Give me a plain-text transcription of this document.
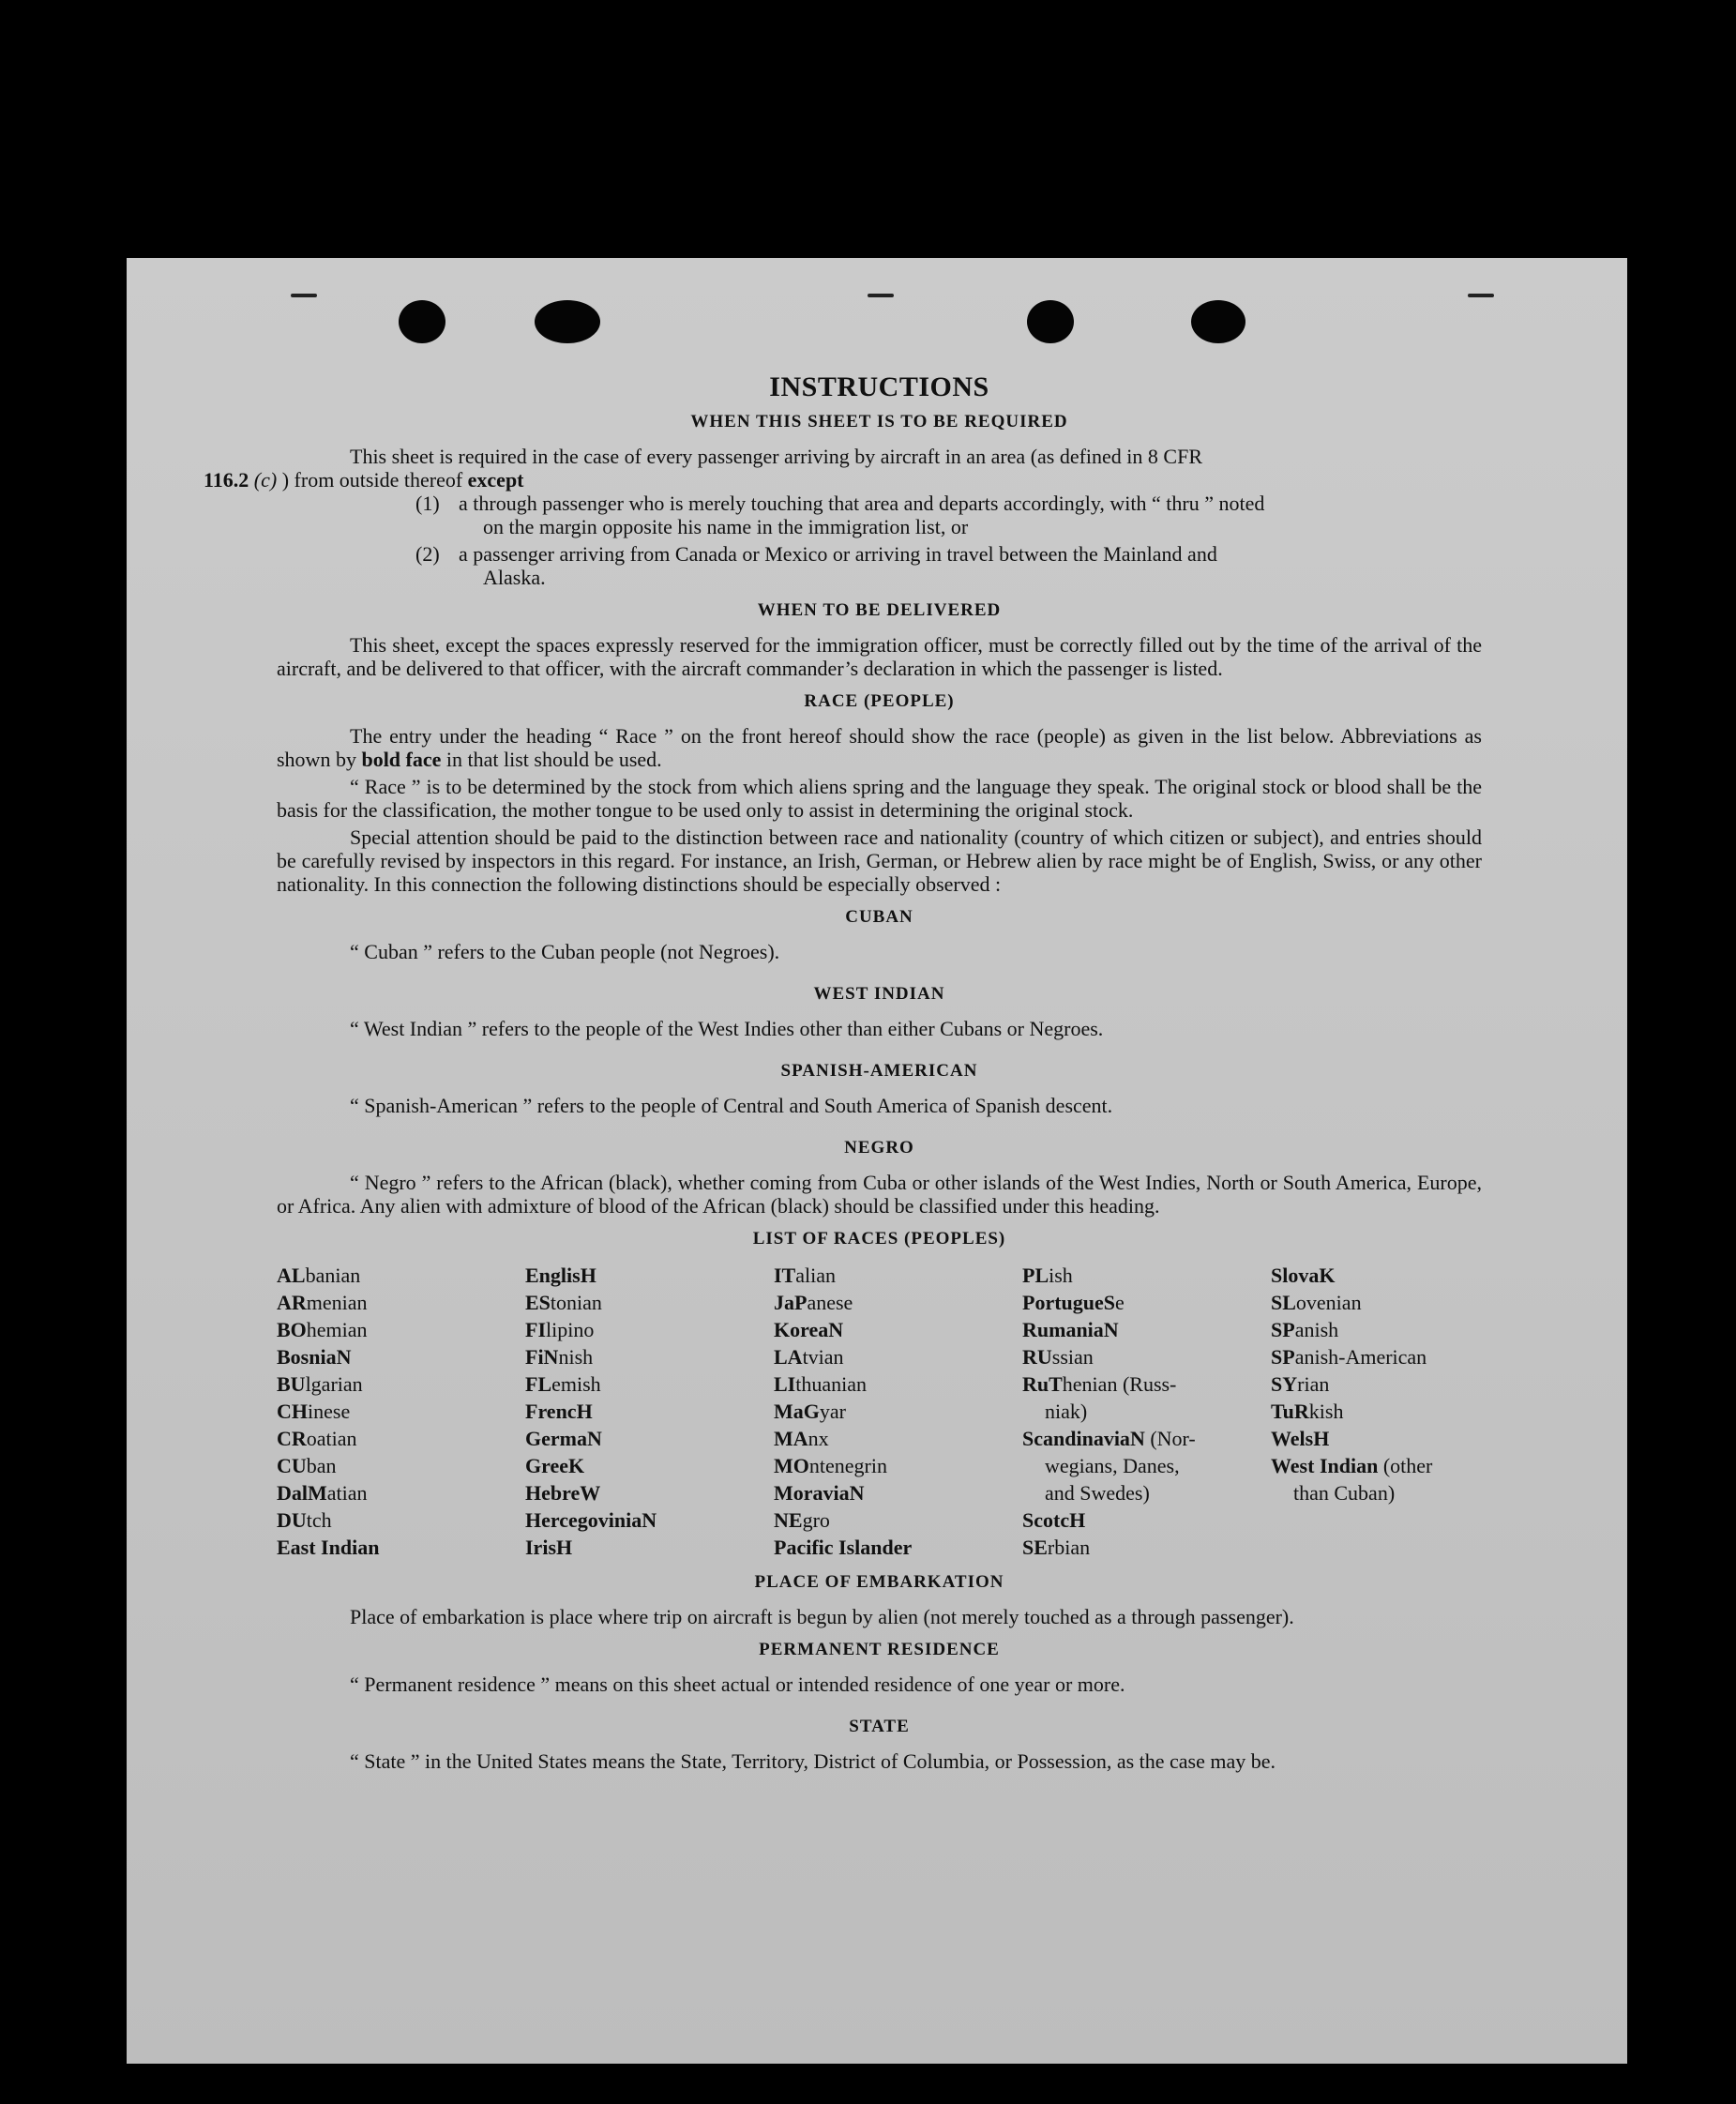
INSTRUCTIONS
WHEN THIS SHEET IS TO BE REQUIRED

This sheet is required in the case of every passenger arriving by aircraft in an area (as defined in 8 CFR
116.2 (c) ) from outside thereof except

(1) a through passenger who is merely touching that area and departs accordingly, with “ thru ” noted
on the margin opposite his name in the immigration list, or
(2) a passenger arriving from Canada or Mexico or arriving in travel between the Mainland and
Alaska.
WHEN TO BE DELIVERED

This sheet, except the spaces expressly reserved for the immigration officer, must be correctly filled out by the time of the arrival of the aircraft, and be delivered to that officer, with the aircraft commander’s declaration in which the passenger is listed.

RACE (PEOPLE)

The entry under the heading “ Race ” on the front hereof should show the race (people) as given in the list below. Abbreviations as shown by bold face in that list should be used.

“ Race ” is to be determined by the stock from which aliens spring and the language they speak. The original stock or blood shall be the basis for the classification, the mother tongue to be used only to assist in determining the original stock.

Special attention should be paid to the distinction between race and nationality (country of which citizen or subject), and entries should be carefully revised by inspectors in this regard. For instance, an Irish, German, or Hebrew alien by race might be of English, Swiss, or any other nationality. In this connection the following distinctions should be especially observed :

CUBAN

“ Cuban ” refers to the Cuban people (not Negroes).

WEST INDIAN

“ West Indian ” refers to the people of the West Indies other than either Cubans or Negroes.

SPANISH-AMERICAN

“ Spanish-American ” refers to the people of Central and South America of Spanish descent.

NEGRO

“ Negro ” refers to the African (black), whether coming from Cuba or other islands of the West Indies, North or South America, Europe, or Africa. Any alien with admixture of blood of the African (black) should be classified under this heading.

LIST OF RACES (PEOPLES)
ALbanian
ARmenian
BOhemian
BosniaN
BUlgarian
CHinese
CRoatian
CUban
DalMatian
DUtch
East Indian
EnglisH
EStonian
FIlipino
FiNnish
FLemish
FrencH
GermaN
GreeK
HebreW
HercegoviniaN
IrisH
ITalian
JaPanese
KoreaN
LAtvian
LIthuanian
MaGyar
MAnx
MOntenegrin
MoraviaN
NEgro
Pacific Islander
PLish
PortugueSe
RumaniaN
RUssian
RuThenian (Russ-
niak)
ScandinaviaN (Nor-
wegians, Danes,
and Swedes)
ScotcH
SErbian
SlovaK
SLovenian
SPanish
SPanish-American
SYrian
TuRkish
WelsH
West Indian (other
than Cuban)
PLACE OF EMBARKATION

Place of embarkation is place where trip on aircraft is begun by alien (not merely touched as a through passenger).

PERMANENT RESIDENCE

“ Permanent residence ” means on this sheet actual or intended residence of one year or more.

STATE

“ State ” in the United States means the State, Territory, District of Columbia, or Possession, as the case may be.
